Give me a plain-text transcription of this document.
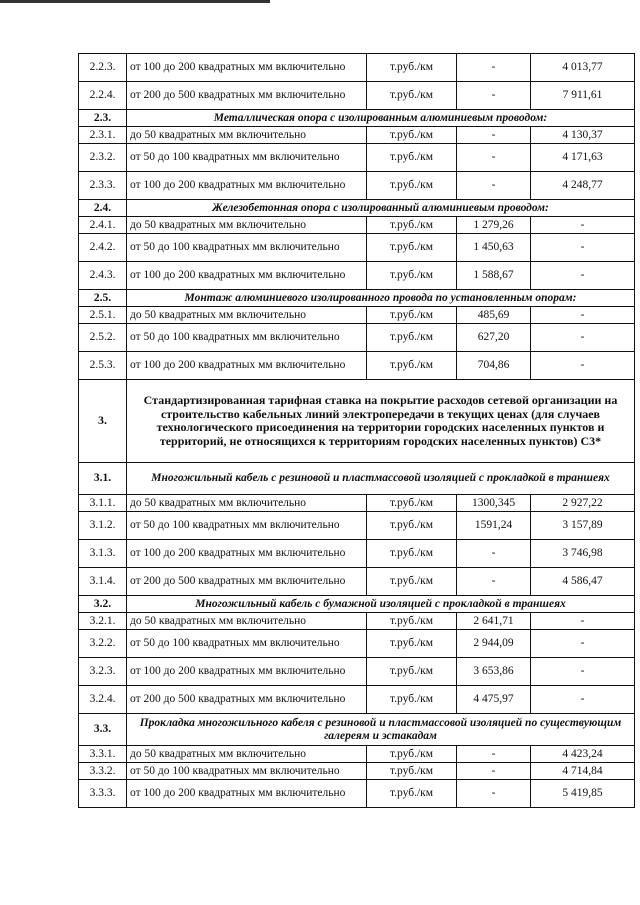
2.2.3.	от 100 до 200 квадратных мм включительно	т.руб./км	-	4 013,77
2.2.4.	от 200 до 500 квадратных мм включительно	т.руб./км	-	7 911,61
2.3.	Металлическая опора с изолированным алюминиевым проводом:			
2.3.1.	до 50 квадратных мм включительно	т.руб./км	-	4 130,37
2.3.2.	от 50 до 100 квадратных мм включительно	т.руб./км	-	4 171,63
2.3.3.	от 100 до 200 квадратных мм включительно	т.руб./км	-	4 248,77
2.4.	Железобетонная опора с изолированный алюминиевым проводом:			
2.4.1.	до 50 квадратных мм включительно	т.руб./км	1 279,26	-
2.4.2.	от 50 до 100 квадратных мм включительно	т.руб./км	1 450,63	-
2.4.3.	от 100 до 200 квадратных мм включительно	т.руб./км	1 588,67	-
2.5.	Монтаж алюминиевого изолированного провода по установленным опорам:			
2.5.1.	до 50 квадратных мм включительно	т.руб./км	485,69	-
2.5.2.	от 50 до 100 квадратных мм включительно	т.руб./км	627,20	-
2.5.3.	от 100 до 200 квадратных мм включительно	т.руб./км	704,86	-
3.	Стандартизированная тарифная ставка на покрытие расходов сетевой организации на строительство кабельных линий электропередачи в текущих ценах (для случаев технологического присоединения на территории городских населенных пунктов и территорий, не относящихся к территориям городских населенных пунктов) С3*			
3.1.	Многожильный кабель с резиновой и пластмассовой изоляцией с прокладкой в траншеях			
3.1.1.	до 50 квадратных мм включительно	т.руб./км	1300,345	2 927,22
3.1.2.	от 50 до 100 квадратных мм включительно	т.руб./км	1591,24	3 157,89
3.1.3.	от 100 до 200 квадратных мм включительно	т.руб./км	-	3 746,98
3.1.4.	от 200 до 500 квадратных мм включительно	т.руб./км	-	4 586,47
3.2.	Многожильный кабель с бумажной изоляцией с прокладкой в траншеях			
3.2.1.	до 50 квадратных мм включительно	т.руб./км	2 641,71	-
3.2.2.	от 50 до 100 квадратных мм включительно	т.руб./км	2 944,09	-
3.2.3.	от 100 до 200 квадратных мм включительно	т.руб./км	3 653,86	-
3.2.4.	от 200 до 500 квадратных мм включительно	т.руб./км	4 475,97	-
3.3.	Прокладка многожильного кабеля с резиновой и пластмассовой изоляцией по существующим галереям и эстакадам			
3.3.1.	до 50 квадратных мм включительно	т.руб./км	-	4 423,24
3.3.2.	от 50 до 100 квадратных мм включительно	т.руб./км	-	4 714,84
3.3.3.	от 100 до 200 квадратных мм включительно	т.руб./км	-	5 419,85
